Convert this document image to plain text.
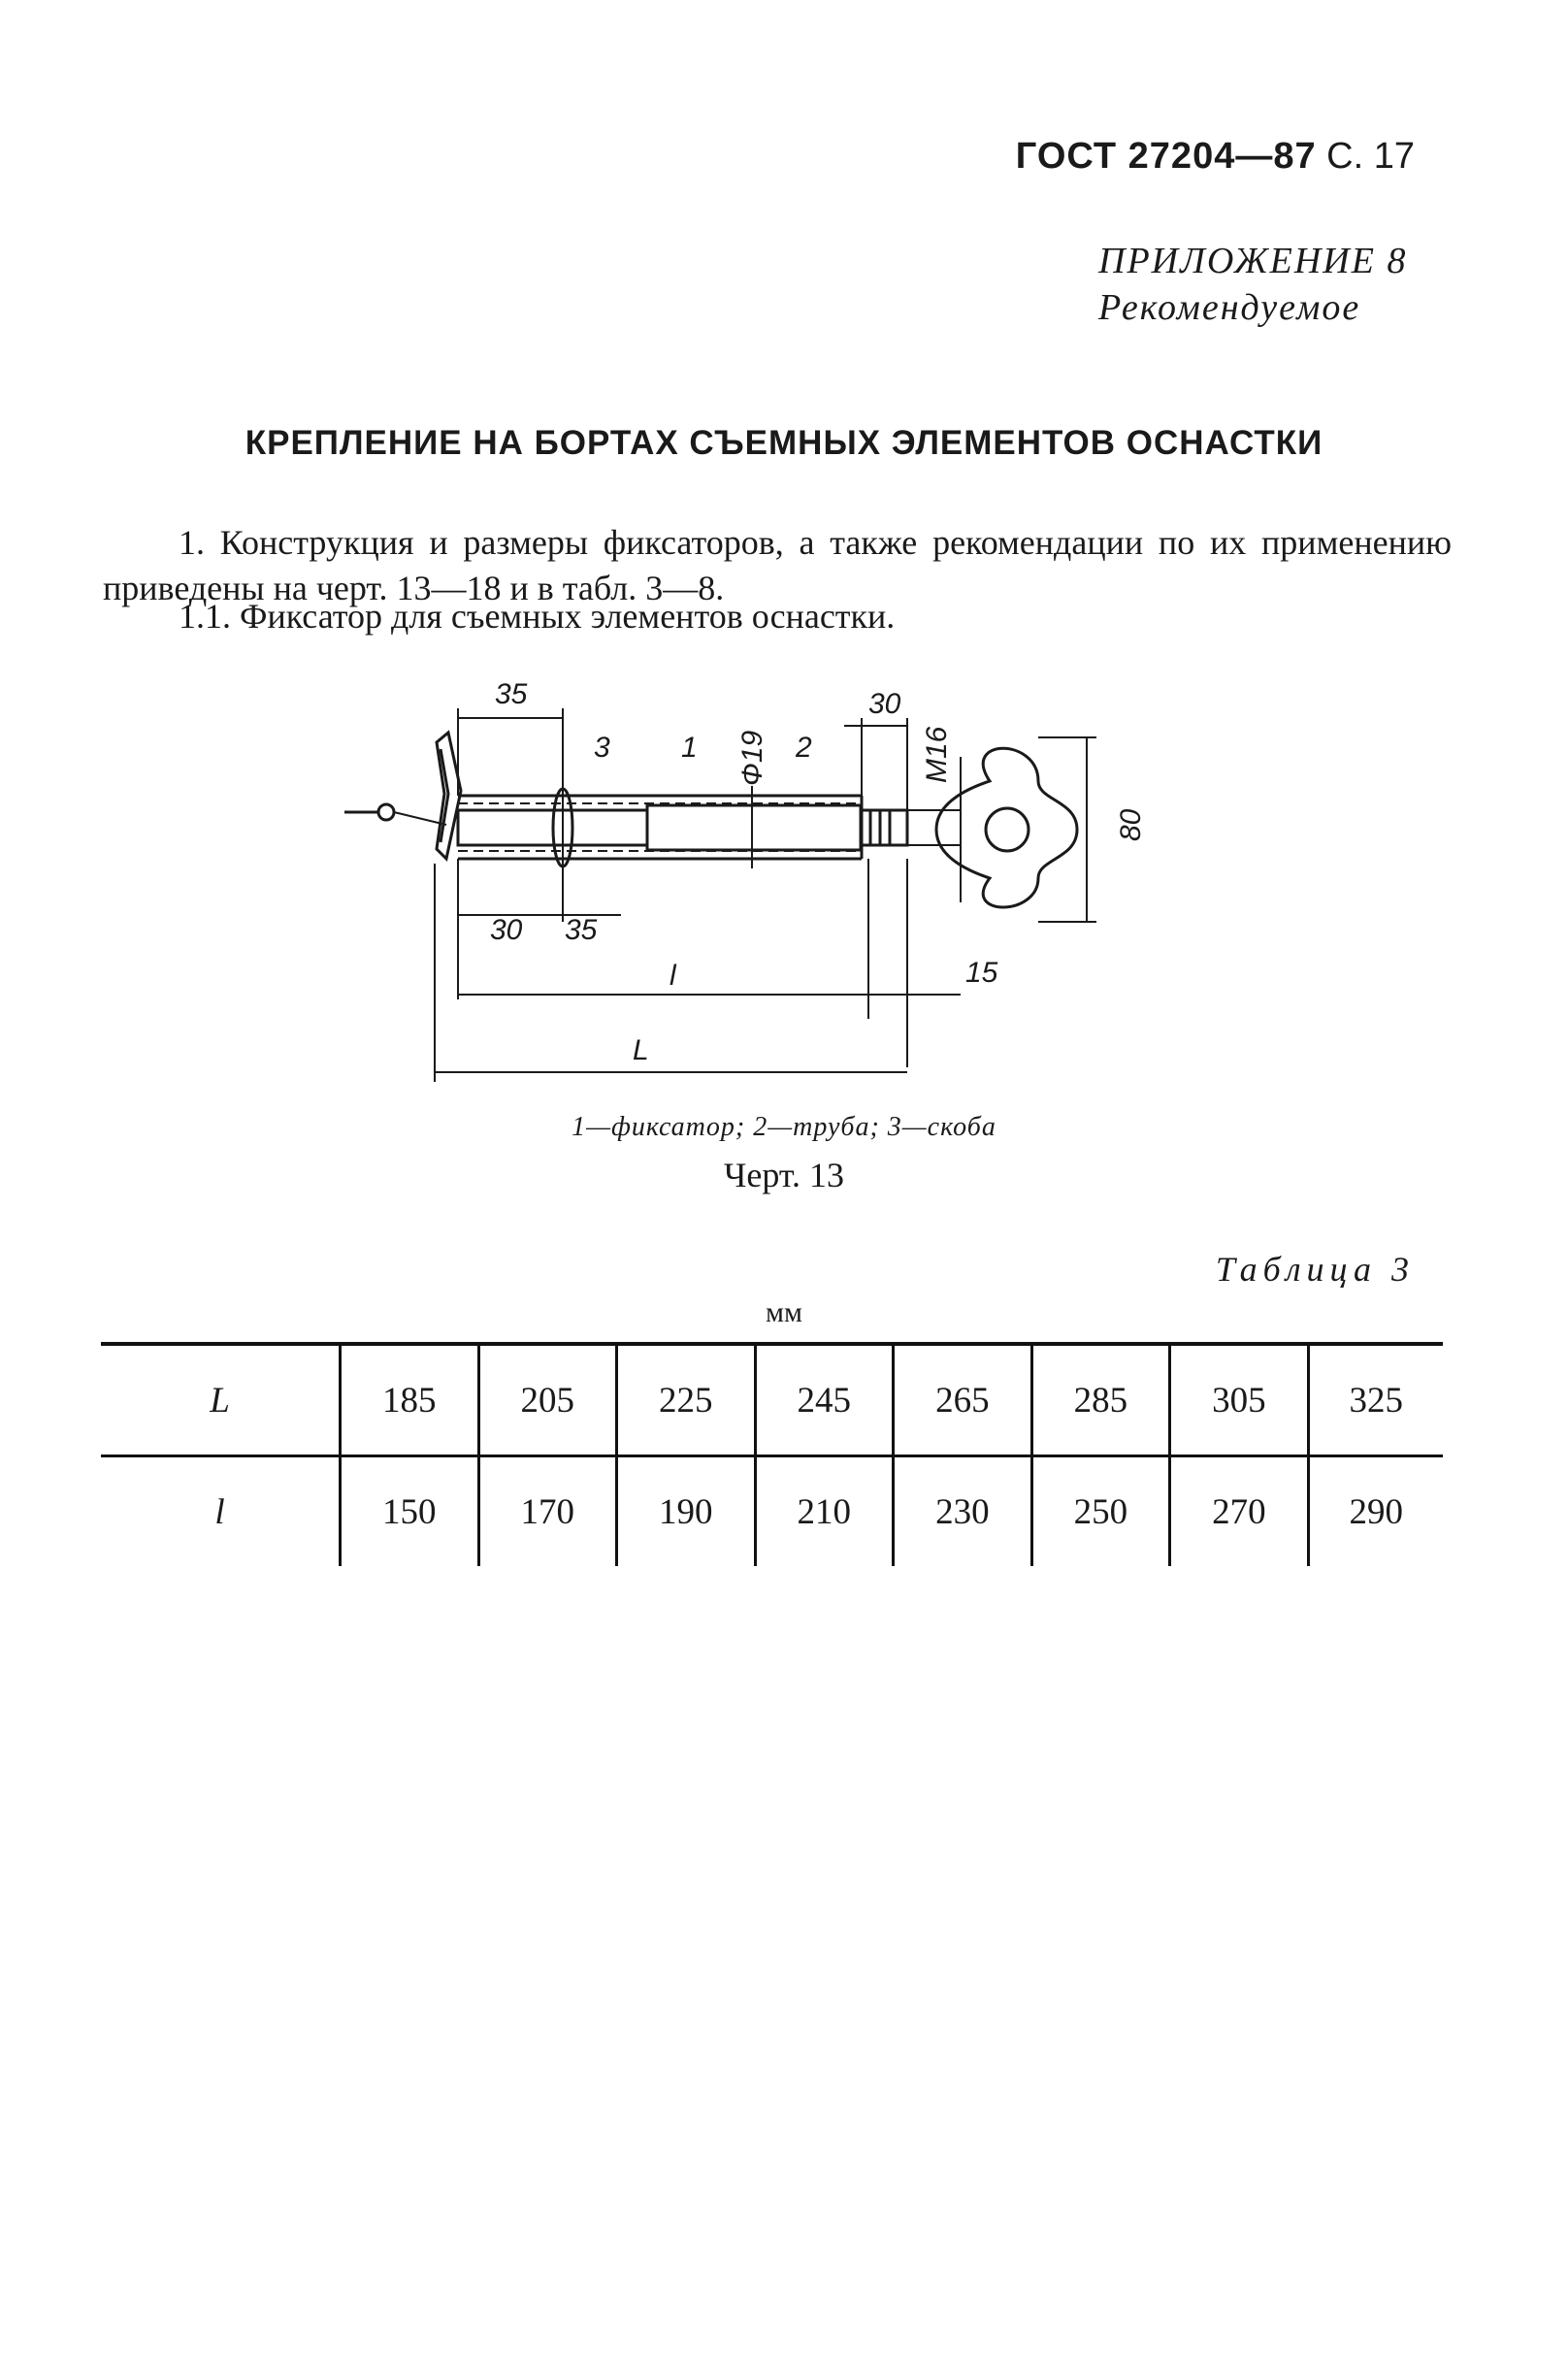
ГОСТ 27204—87 С. 17
ПРИЛОЖЕНИЕ 8
Рекомендуемое
КРЕПЛЕНИЕ НА БОРТАХ СЪЕМНЫХ ЭЛЕМЕНТОВ ОСНАСТКИ
1. Конструкция и размеры фиксаторов, а также рекомендации по их применению приведены на черт. 13—18 и в табл. 3—8.
1.1. Фиксатор для съемных элементов оснастки.
35	30
Ф19	М16
80
30 35
l	15
L
3 1	2
1—фиксатор; 2—труба; 3—скоба
Черт. 13
Таблица 3
мм
L	185	205	225	245	265	285	305	325
l	150	170	190	210	230	250	270	290
